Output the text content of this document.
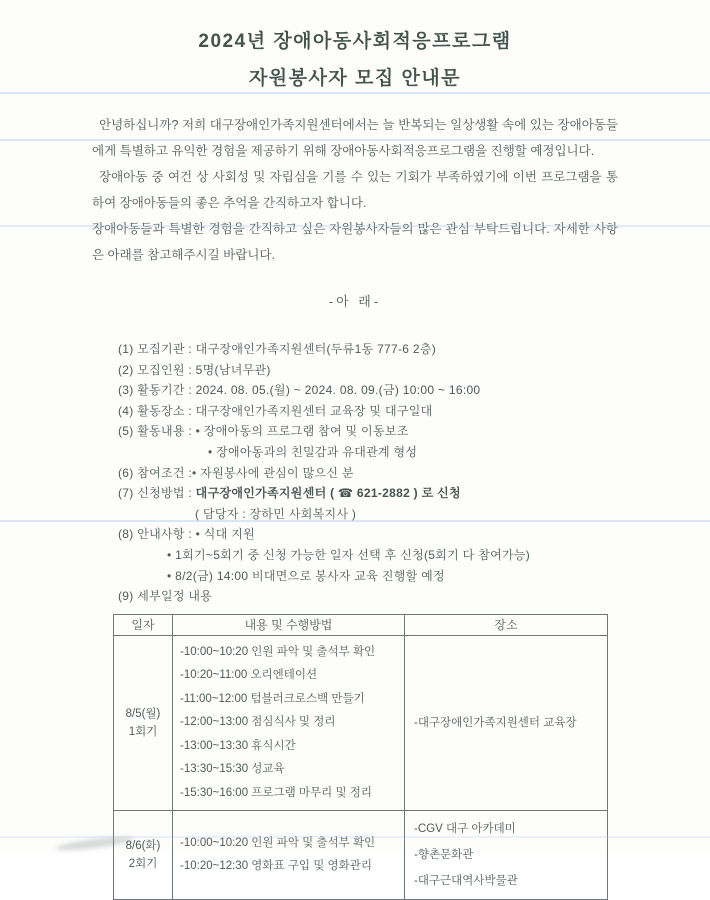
2024년 장애아동사회적응프로그램

자원봉사자 모집 안내문

안녕하십니까? 저희 대구장애인가족지원센터에서는 늘 반복되는 일상생활 속에 있는 장애아동들에게 특별하고 유익한 경험을 제공하기 위해 장애아동사회적응프로그램을 진행할 예정입니다.

장애아동 중 여건 상 사회성 및 자립심을 기를 수 있는 기회가 부족하였기에 이번 프로그램을 통하여 장애아동들의 좋은 추억을 간직하고자 합니다.

장애아동들과 특별한 경험을 간직하고 싶은 자원봉사자들의 많은 관심 부탁드립니다. 자세한 사항은 아래를 참고해주시길 바랍니다.

-아 래-
(1) 모집기관 : 대구장애인가족지원센터(두류1동 777-6 2층)
(2) 모집인원 : 5명(남녀무관)
(3) 활동기간 : 2024. 08. 05.(월) ~ 2024. 08. 09.(금) 10:00 ~ 16:00
(4) 활동장소 : 대구장애인가족지원센터 교육장 및 대구일대
(5) 활동내용 : • 장애아동의 프로그램 참여 및 이동보조
• 장애아동과의 친밀감과 유대관계 형성
(6) 참여조건 :• 자원봉사에 관심이 많으신 분
(7) 신청방법 : 대구장애인가족지원센터 ( ☎ 621-2882 ) 로 신청
( 담당자 : 장하민 사회복지사 )
(8) 안내사항 : • 식대 지원
• 1회기~5회기 중 신청 가능한 일자 선택 후 신청(5회기 다 참여가능)
• 8/2(금) 14:00 비대면으로 봉사자 교육 진행할 예정
(9) 세부일정 내용
일자	내용 및 수행방법	장소

8/5(월)
1회기

-10:00~10:20 인원 파악 및 출석부 확인
-10:20~11:00 오리엔테이션
-11:00~12:00 텀블러크로스백 만들기
-12:00~13:00 점심식사 및 정리
-13:00~13:30 휴식시간
-13:30~15:30 성교육
-15:30~16:00 프로그램 마무리 및 정리

-대구장애인가족지원센터 교육장

8/6(화)
2회기

-10:00~10:20 인원 파악 및 출석부 확인
-10:20~12:30 영화표 구입 및 영화관리

-CGV 대구 아카데미
-향촌문화관
-대구근대역사박물관
